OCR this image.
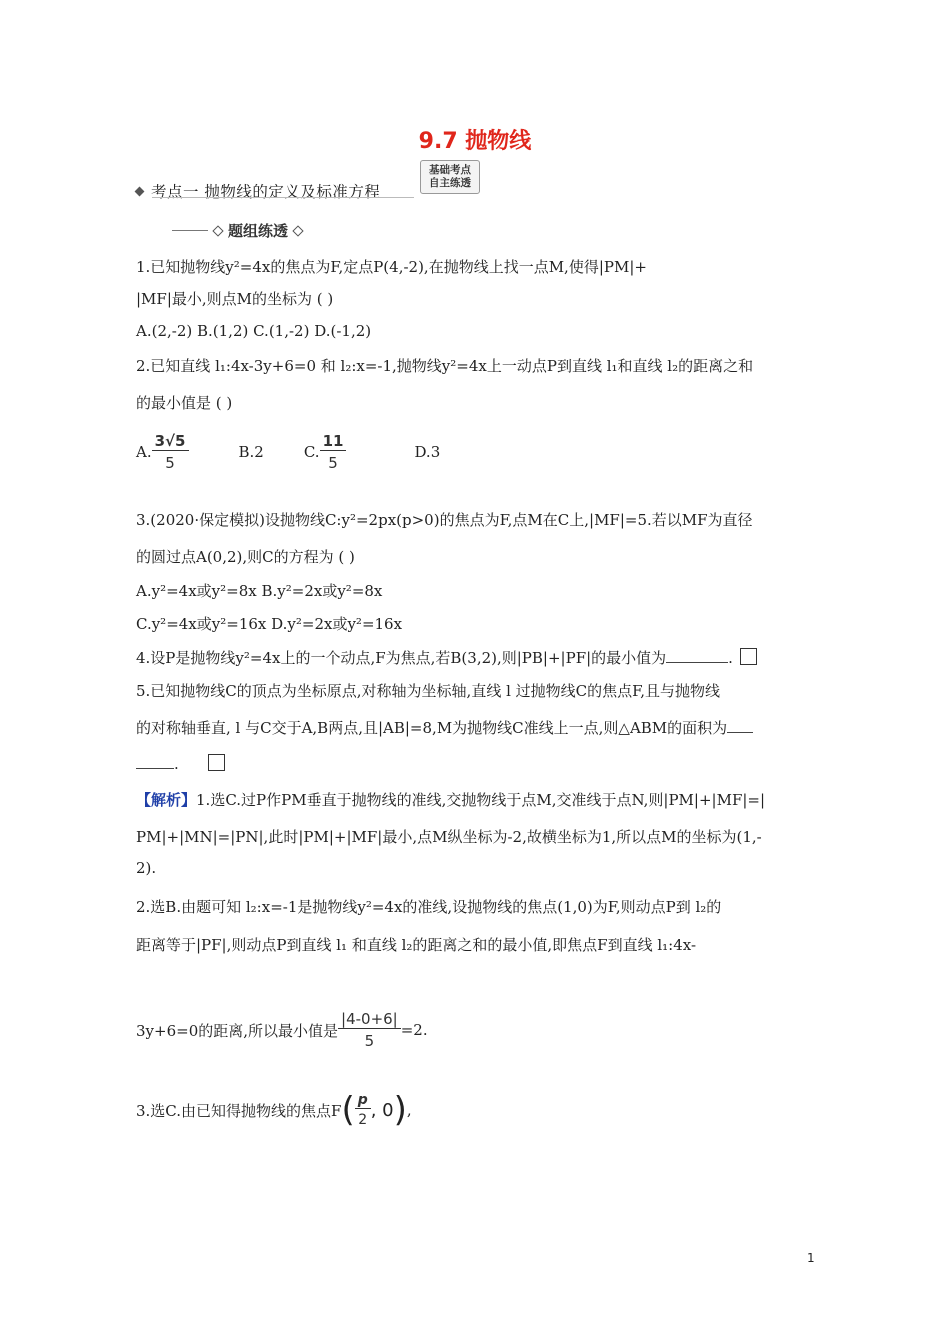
9.7 抛物线
考点一 抛物线的定义及标准方程
基础考点
自主练透
题组练透
1.已知抛物线y²=4x的焦点为F,定点P(4,-2),在抛物线上找一点M,使得|PM|+
|MF|最小,则点M的坐标为 ( )
A.(2,-2) B.(1,2) C.(1,-2) D.(-1,2)
2.已知直线 l₁:4x-3y+6=0 和 l₂:x=-1,抛物线y²=4x上一动点P到直线 l₁和直线 l₂的距离之和
的最小值是 ( )
A. $\frac{3√5}{5}$	B.2	C. $\frac{11}{5}$	D.3
3.(2020·保定模拟)设抛物线C:y²=2px(p>0)的焦点为F,点M在C上,|MF|=5.若以MF为直径
的圆过点A(0,2),则C的方程为 ( )
A.y²=4x或y²=8x B.y²=2x或y²=8x
C.y²=4x或y²=16x D.y²=2x或y²=16x
4.设P是抛物线y²=4x上的一个动点,F为焦点,若B(3,2),则|PB|+|PF|的最小值为	.
5.已知抛物线C的顶点为坐标原点,对称轴为坐标轴,直线 l 过抛物线C的焦点F,且与抛物线
的对称轴垂直, l 与C交于A,B两点,且|AB|=8,M为抛物线C准线上一点,则△ABM的面积为
.
【解析】1.选C.过P作PM垂直于抛物线的准线,交抛物线于点M,交准线于点N,则|PM|+|MF|=|
PM|+|MN|=|PN|,此时|PM|+|MF|最小,点M纵坐标为-2,故横坐标为1,所以点M的坐标为(1,-
2).
2.选B.由题可知 l₂:x=-1是抛物线y²=4x的准线,设抛物线的焦点(1,0)为F,则动点P到 l₂的
距离等于|PF|,则动点P到直线 l₁ 和直线 l₂的距离之和的最小值,即焦点F到直线 l₁:4x-
3y+6=0的距离,所以最小值是 $\frac{|4-0+6|}{5} =2$.
3.选C.由已知得抛物线的焦点F ( $\frac{p}{2}$ , 0 ) ,
1
